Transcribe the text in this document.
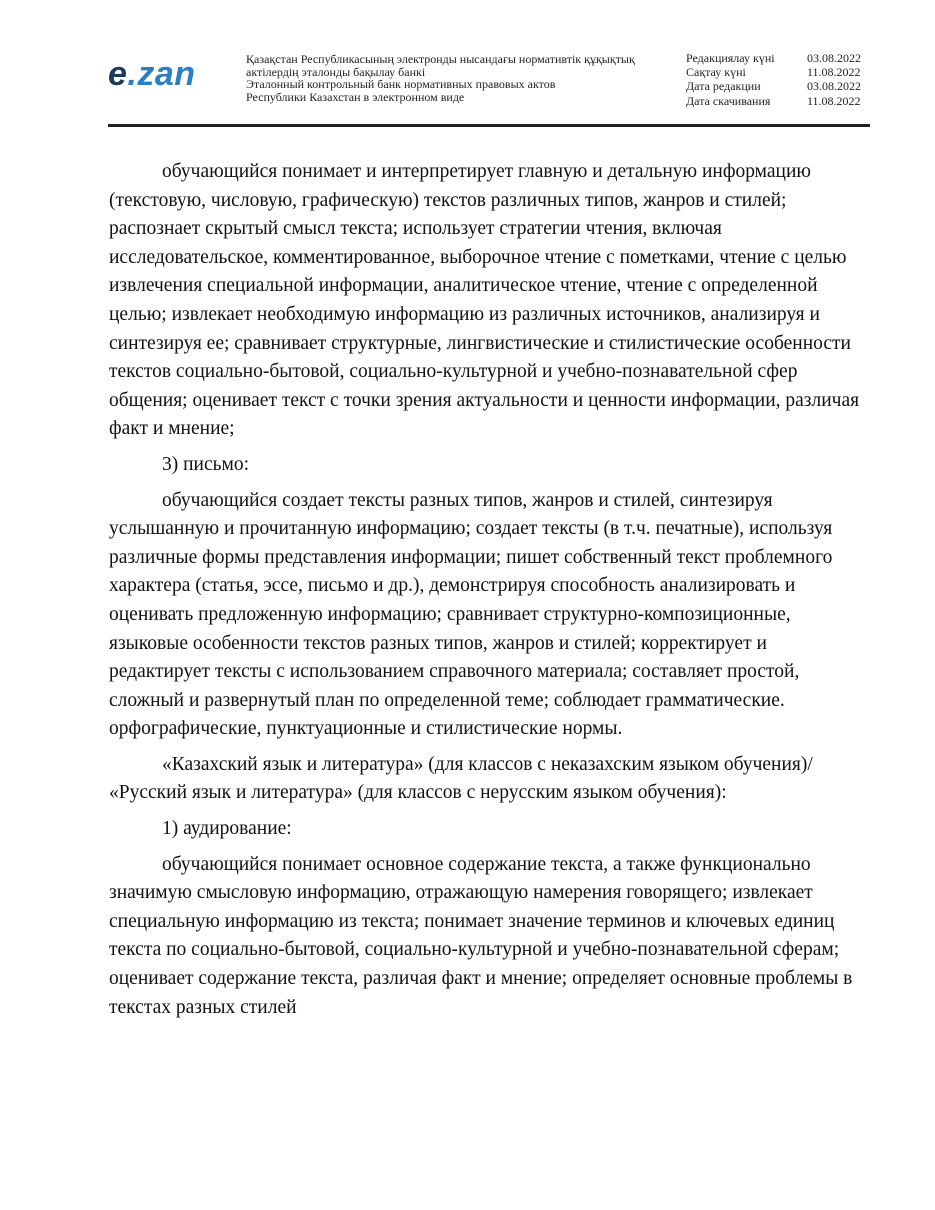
e.zan	Қазақстан Республикасының электронды нысандағы нормативтік құқықтық
актілердің эталонды бақылау банкі
Эталонный контрольный банк нормативных правовых актов
Республики Казахстан в электронном виде
Редакциялау күні	03.08.2022
Сақтау күні	11.08.2022
Дата редакции	03.08.2022
Дата скачивания	11.08.2022

обучающийся понимает и интерпретирует главную и детальную информацию (текстовую, числовую, графическую) текстов различных типов, жанров и стилей; распознает скрытый смысл текста; использует стратегии чтения, включая исследовательское, комментированное, выборочное чтение с пометками, чтение с целью извлечения специальной информации, аналитическое чтение, чтение с определенной целью; извлекает необходимую информацию из различных источников, анализируя и синтезируя ее; сравнивает структурные, лингвистические и стилистические особенности текстов социально-бытовой, социально-культурной и учебно-познавательной сфер общения; оценивает текст с точки зрения актуальности и ценности информации, различая факт и мнение;

3) письмо:

обучающийся создает тексты разных типов, жанров и стилей, синтезируя услышанную и прочитанную информацию; создает тексты (в т.ч. печатные), используя различные формы представления информации; пишет собственный текст проблемного характера (статья, эссе, письмо и др.), демонстрируя способность анализировать и оценивать предложенную информацию; сравнивает структурно-композиционные, языковые особенности текстов разных типов, жанров и стилей; корректирует и редактирует тексты с использованием справочного материала; составляет простой, сложный и развернутый план по определенной теме; соблюдает грамматические. орфографические, пунктуационные и стилистические нормы.

«Казахский язык и литература» (для классов с неказахским языком обучения)/ «Русский язык и литература» (для классов с нерусским языком обучения):

1) аудирование:

обучающийся понимает основное содержание текста, а также функционально значимую смысловую информацию, отражающую намерения говорящего; извлекает специальную информацию из текста; понимает значение терминов и ключевых единиц текста по социально-бытовой, социально-культурной и учебно-познавательной сферам; оценивает содержание текста, различая факт и мнение; определяет основные проблемы в текстах разных стилей
